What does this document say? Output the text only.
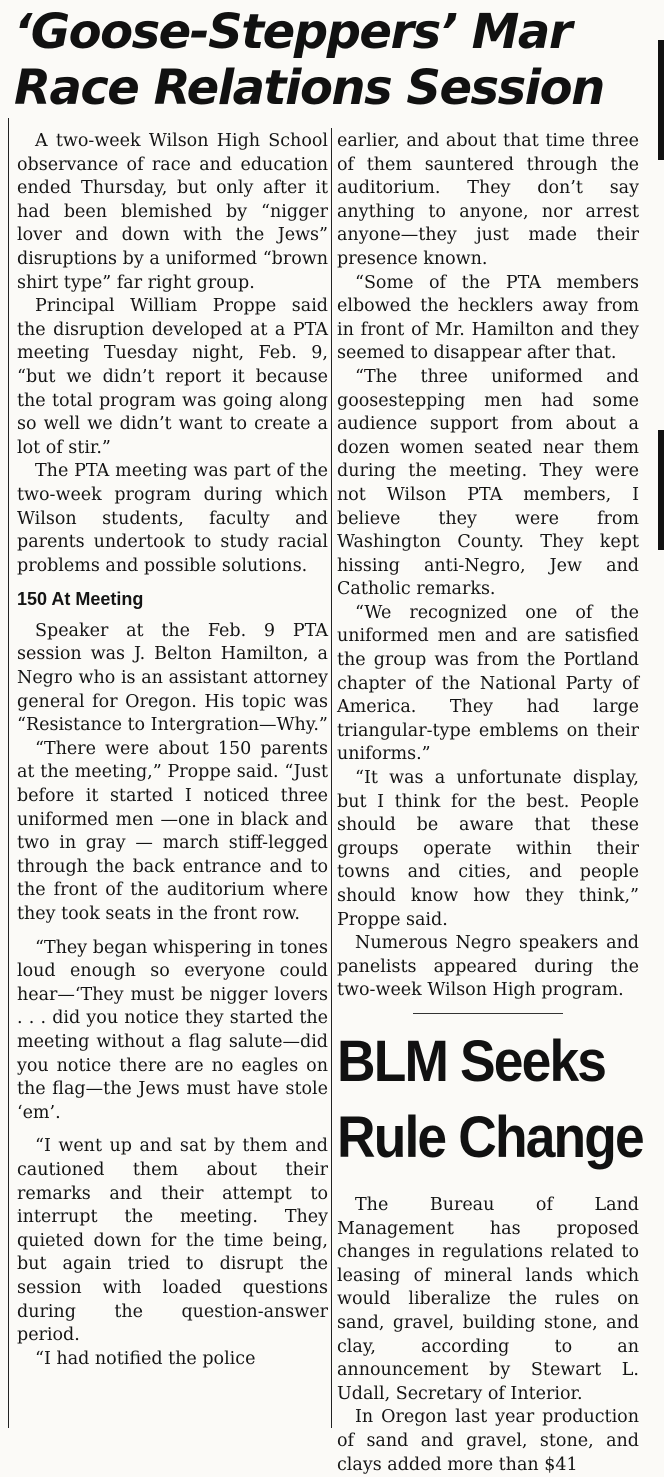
‘Goose-Steppers’ Mar
Race Relations Session

A two-week Wilson High School observance of race and education ended Thursday, but only after it had been blemished by “nigger lover and down with the Jews” disruptions by a uniformed “brown shirt type” far right group.

Principal William Proppe said the disruption developed at a PTA meeting Tuesday night, Feb. 9, “but we didn’t report it because the total program was going along so well we didn’t want to create a lot of stir.”

The PTA meeting was part of the two-week program during which Wilson students, faculty and parents undertook to study racial problems and possible solutions.

150 At Meeting

Speaker at the Feb. 9 PTA session was J. Belton Hamilton, a Negro who is an assistant attorney general for Oregon. His topic was “Resistance to Intergration—Why.”

“There were about 150 parents at the meeting,” Proppe said. “Just before it started I noticed three uniformed men —one in black and two in gray — march stiff-legged through the back entrance and to the front of the auditorium where they took seats in the front row.

“They began whispering in tones loud enough so everyone could hear—‘They must be nigger lovers . . . did you notice they started the meeting without a flag salute—did you notice there are no eagles on the flag—the Jews must have stole ‘em’.

“I went up and sat by them and cautioned them about their remarks and their attempt to interrupt the meeting. They quieted down for the time being, but again tried to disrupt the session with loaded questions during the question-answer period.

“I had notified the police

earlier, and about that time three of them sauntered through the auditorium. They don’t say anything to anyone, nor arrest anyone—they just made their presence known.

“Some of the PTA members elbowed the hecklers away from in front of Mr. Hamilton and they seemed to disappear after that.

“The three uniformed and goosestepping men had some audience support from about a dozen women seated near them during the meeting. They were not Wilson PTA members, I believe they were from Washington County. They kept hissing anti-Negro, Jew and Catholic remarks.

“We recognized one of the uniformed men and are satisfied the group was from the Portland chapter of the National Party of America. They had large triangular-type emblems on their uniforms.”

“It was a unfortunate display, but I think for the best. People should be aware that these groups operate within their towns and cities, and people should know how they think,” Proppe said.

Numerous Negro speakers and panelists appeared during the two-week Wilson High program.

BLM Seeks
Rule Change

The Bureau of Land Management has proposed changes in regulations related to leasing of mineral lands which would liberalize the rules on sand, gravel, building stone, and clay, according to an announcement by Stewart L. Udall, Secretary of Interior.

In Oregon last year production of sand and gravel, stone, and clays added more than $41
